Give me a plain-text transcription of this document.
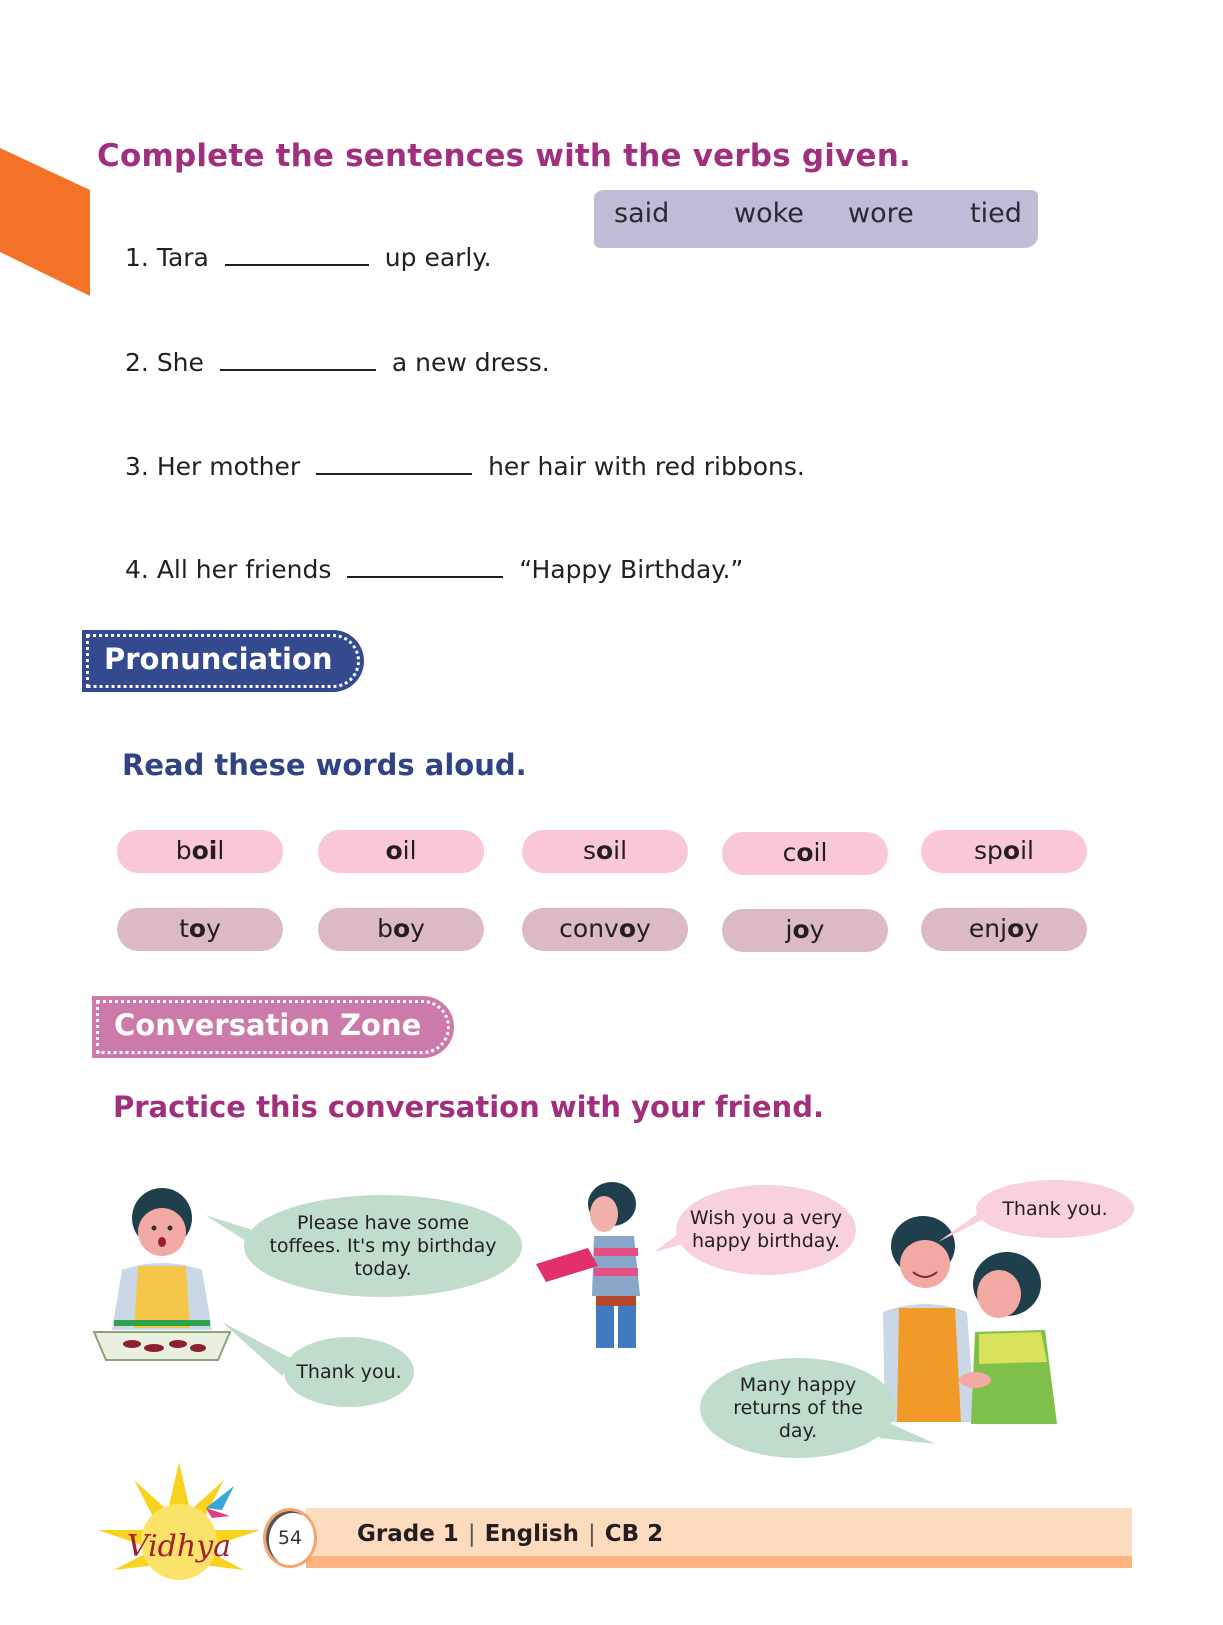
Complete the sentences with the verbs given.
said woke wore tied
1. Tara	up early.
2. She	a new dress.
3. Her mother	her hair with red ribbons.
4. All her friends	“Happy Birthday.”
Pronunciation
Read these words aloud.
boil	oil	soil	coil	spoil
toy	boy	convoy	joy	enjoy
Conversation Zone
Practice this conversation with your friend.
Please have some toffees. It's my birthday today.
Thank you.
Wish you a very happy birthday.
Thank you.
Many happy returns of the day.
Vidhya	54	Grade 1 | English | CB 2
